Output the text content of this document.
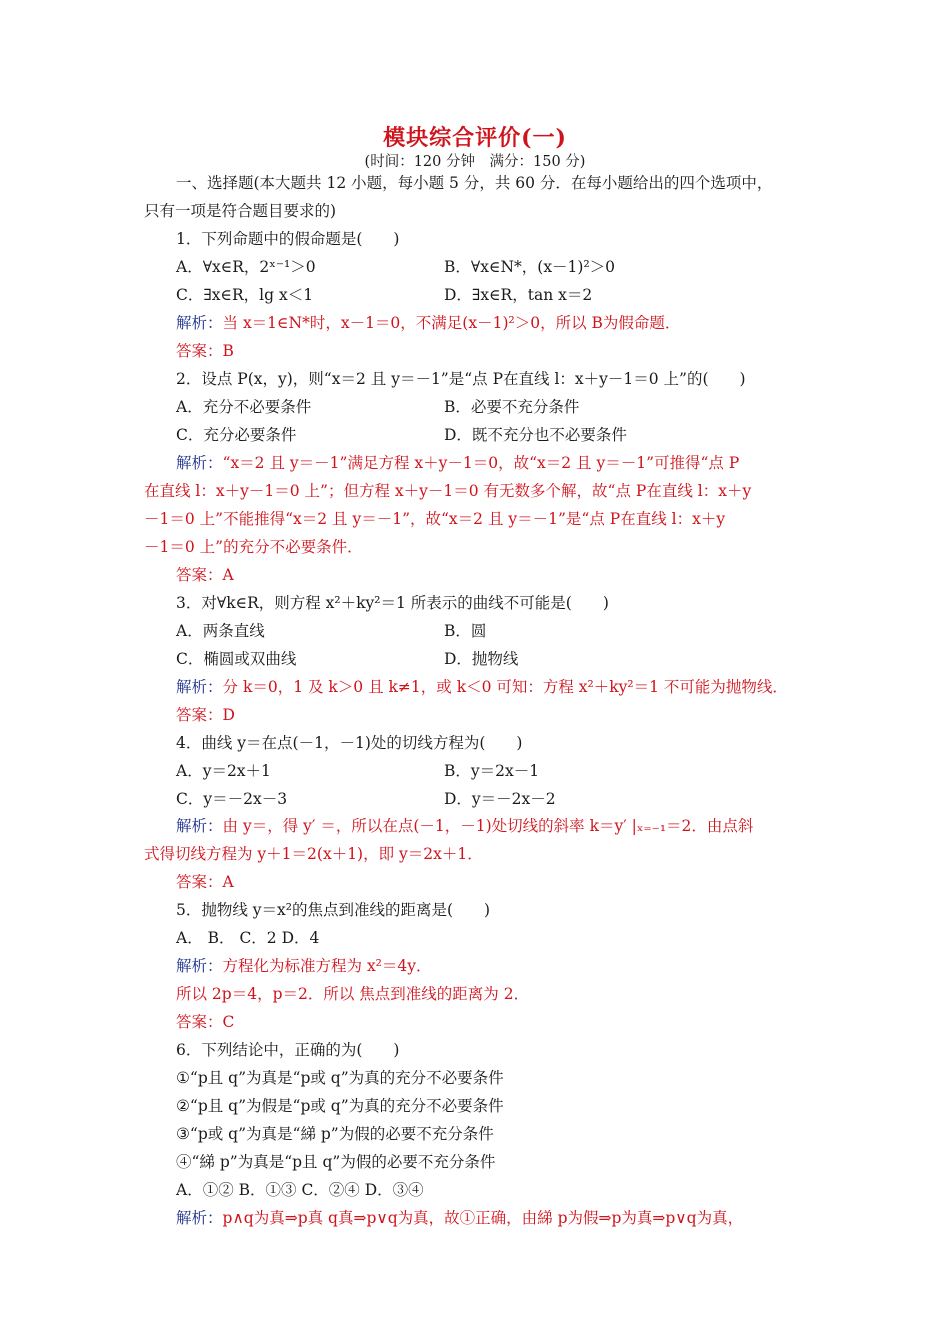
模块综合评价(一)
(时间：120 分钟　满分：150 分)
一、选择题(本大题共 12 小题，每小题 5 分，共 60 分．在每小题给出的四个选项中，
只有一项是符合题目要求的)
1．下列命题中的假命题是(　　)
A．∀x∈R，2ˣ⁻¹＞0	B．∀x∈N*，(x－1)²＞0
C．∃x∈R，lg x＜1	D．∃x∈R，tan x＝2
解析：当 x＝1∈N*时，x－1＝0，不满足(x－1)²＞0，所以 B为假命题．
答案：B
2．设点 P(x，y)，则“x＝2 且 y＝－1”是“点 P在直线 l：x＋y－1＝0 上”的(　　)
A．充分不必要条件	B．必要不充分条件
C．充分必要条件	D．既不充分也不必要条件
解析：“x＝2 且 y＝－1”满足方程 x＋y－1＝0，故“x＝2 且 y＝－1”可推得“点 P
在直线 l：x＋y－1＝0 上”；但方程 x＋y－1＝0 有无数多个解，故“点 P在直线 l：x＋y
－1＝0 上”不能推得“x＝2 且 y＝－1”，故“x＝2 且 y＝－1”是“点 P在直线 l：x＋y
－1＝0 上”的充分不必要条件．
答案：A
3．对∀k∈R，则方程 x²＋ky²＝1 所表示的曲线不可能是(　　)
A．两条直线	B．圆
C．椭圆或双曲线	D．抛物线
解析：分 k＝0，1 及 k＞0 且 k≠1，或 k＜0 可知：方程 x²＋ky²＝1 不可能为抛物线．
答案：D
4．曲线 y＝在点(－1，－1)处的切线方程为(　　)
A．y＝2x＋1	B．y＝2x－1
C．y＝－2x－3	D．y＝－2x－2
解析：由 y＝，得 y′ ＝，所以在点(－1，－1)处切线的斜率 k＝y′ |ₓ₌₋₁＝2．由点斜
式得切线方程为 y＋1＝2(x＋1)，即 y＝2x＋1．
答案：A
5．抛物线 y＝x²的焦点到准线的距离是(　　)
A． B． C．2 D．4
解析：方程化为标准方程为 x²＝4y．
所以 2p＝4，p＝2．所以 焦点到准线的距离为 2．
答案：C
6．下列结论中，正确的为(　　)
①“p且 q”为真是“p或 q”为真的充分不必要条件
②“p且 q”为假是“p或 q”为真的充分不必要条件
③“p或 q”为真是“綈 p”为假的必要不充分条件
④“綈 p”为真是“p且 q”为假的必要不充分条件
A．①② B．①③ C．②④ D．③④
解析：p∧q为真⇒p真 q真⇒p∨q为真，故①正确，由綈 p为假⇒p为真⇒p∨q为真，
